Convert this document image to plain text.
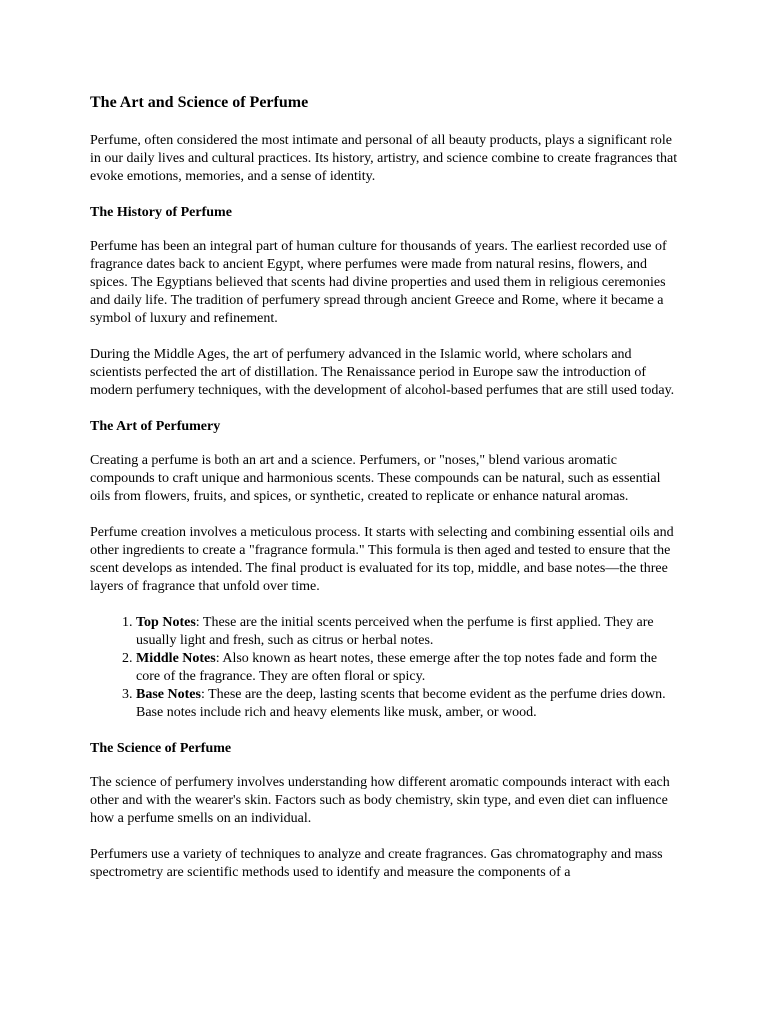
The Art and Science of Perfume

Perfume, often considered the most intimate and personal of all beauty products, plays a significant role in our daily lives and cultural practices. Its history, artistry, and science combine to create fragrances that evoke emotions, memories, and a sense of identity.

The History of Perfume

Perfume has been an integral part of human culture for thousands of years. The earliest recorded use of fragrance dates back to ancient Egypt, where perfumes were made from natural resins, flowers, and spices. The Egyptians believed that scents had divine properties and used them in religious ceremonies and daily life. The tradition of perfumery spread through ancient Greece and Rome, where it became a symbol of luxury and refinement.

During the Middle Ages, the art of perfumery advanced in the Islamic world, where scholars and scientists perfected the art of distillation. The Renaissance period in Europe saw the introduction of modern perfumery techniques, with the development of alcohol-based perfumes that are still used today.

The Art of Perfumery

Creating a perfume is both an art and a science. Perfumers, or "noses," blend various aromatic compounds to craft unique and harmonious scents. These compounds can be natural, such as essential oils from flowers, fruits, and spices, or synthetic, created to replicate or enhance natural aromas.

Perfume creation involves a meticulous process. It starts with selecting and combining essential oils and other ingredients to create a "fragrance formula." This formula is then aged and tested to ensure that the scent develops as intended. The final product is evaluated for its top, middle, and base notes—the three layers of fragrance that unfold over time.

1. Top Notes: These are the initial scents perceived when the perfume is first applied. They are usually light and fresh, such as citrus or herbal notes.
2. Middle Notes: Also known as heart notes, these emerge after the top notes fade and form the core of the fragrance. They are often floral or spicy.
3. Base Notes: These are the deep, lasting scents that become evident as the perfume dries down. Base notes include rich and heavy elements like musk, amber, or wood.
The Science of Perfume

The science of perfumery involves understanding how different aromatic compounds interact with each other and with the wearer's skin. Factors such as body chemistry, skin type, and even diet can influence how a perfume smells on an individual.

Perfumers use a variety of techniques to analyze and create fragrances. Gas chromatography and mass spectrometry are scientific methods used to identify and measure the components of a
